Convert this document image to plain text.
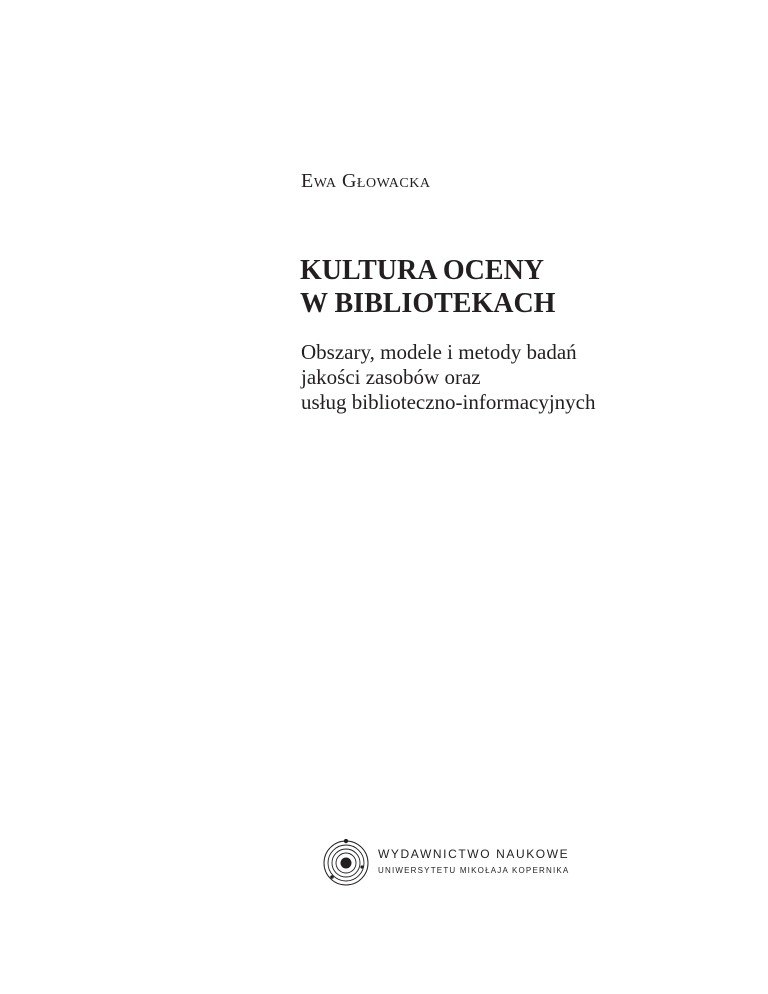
Ewa Głowacka

KULTURA OCENY
W BIBLIOTEKACH

Obszary, modele i metody badań
jakości zasobów oraz
usług biblioteczno-informacyjnych

WYDAWNICTWO NAUKOWE
UNIWERSYTETU MIKOŁAJA KOPERNIKA
